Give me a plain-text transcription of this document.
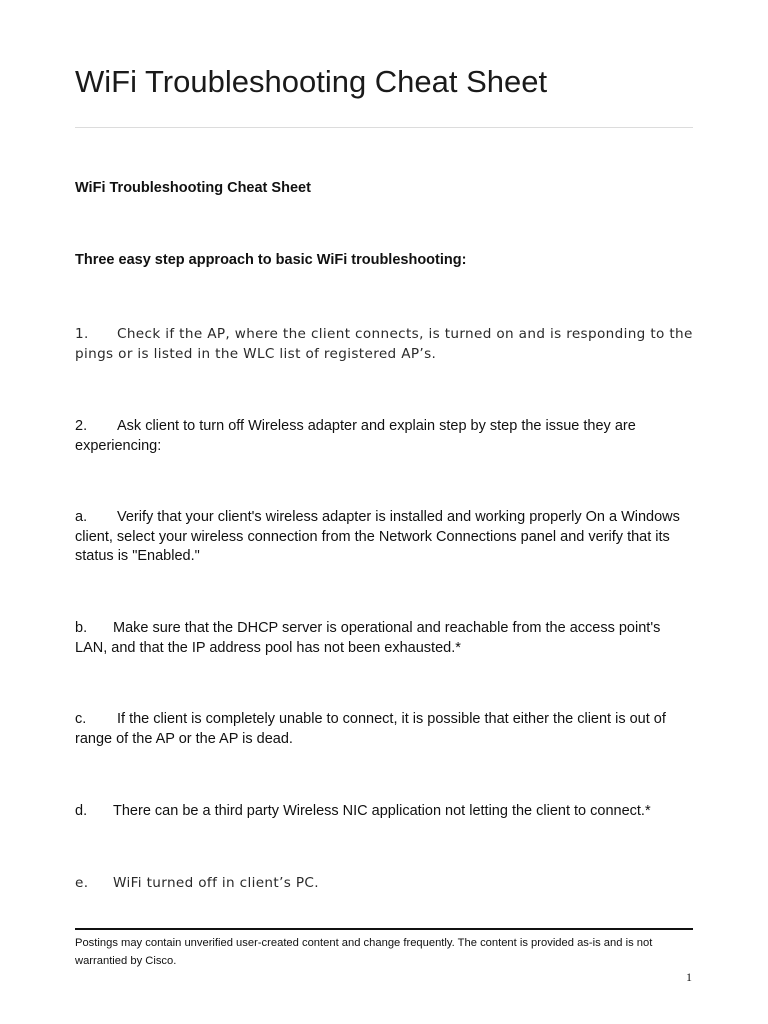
WiFi Troubleshooting Cheat Sheet

WiFi Troubleshooting Cheat Sheet

Three easy step approach to basic WiFi troubleshooting:

1. Check if the AP, where the client connects, is turned on and is responding to the pings or is listed in the WLC list of registered AP’s.

2. Ask client to turn off Wireless adapter and explain step by step the issue they are experiencing:

a. Verify that your client's wireless adapter is installed and working properly On a Windows client, select your wireless connection from the Network Connections panel and verify that its status is "Enabled."

b. Make sure that the DHCP server is operational and reachable from the access point's LAN, and that the IP address pool has not been exhausted.*

c. If the client is completely unable to connect, it is possible that either the client is out of range of the AP or the AP is dead.

d. There can be a third party Wireless NIC application not letting the client to connect.*

e. WiFi turned off in client’s PC.

Postings may contain unverified user-created content and change frequently. The content is provided as-is and is not warrantied by Cisco.

1
